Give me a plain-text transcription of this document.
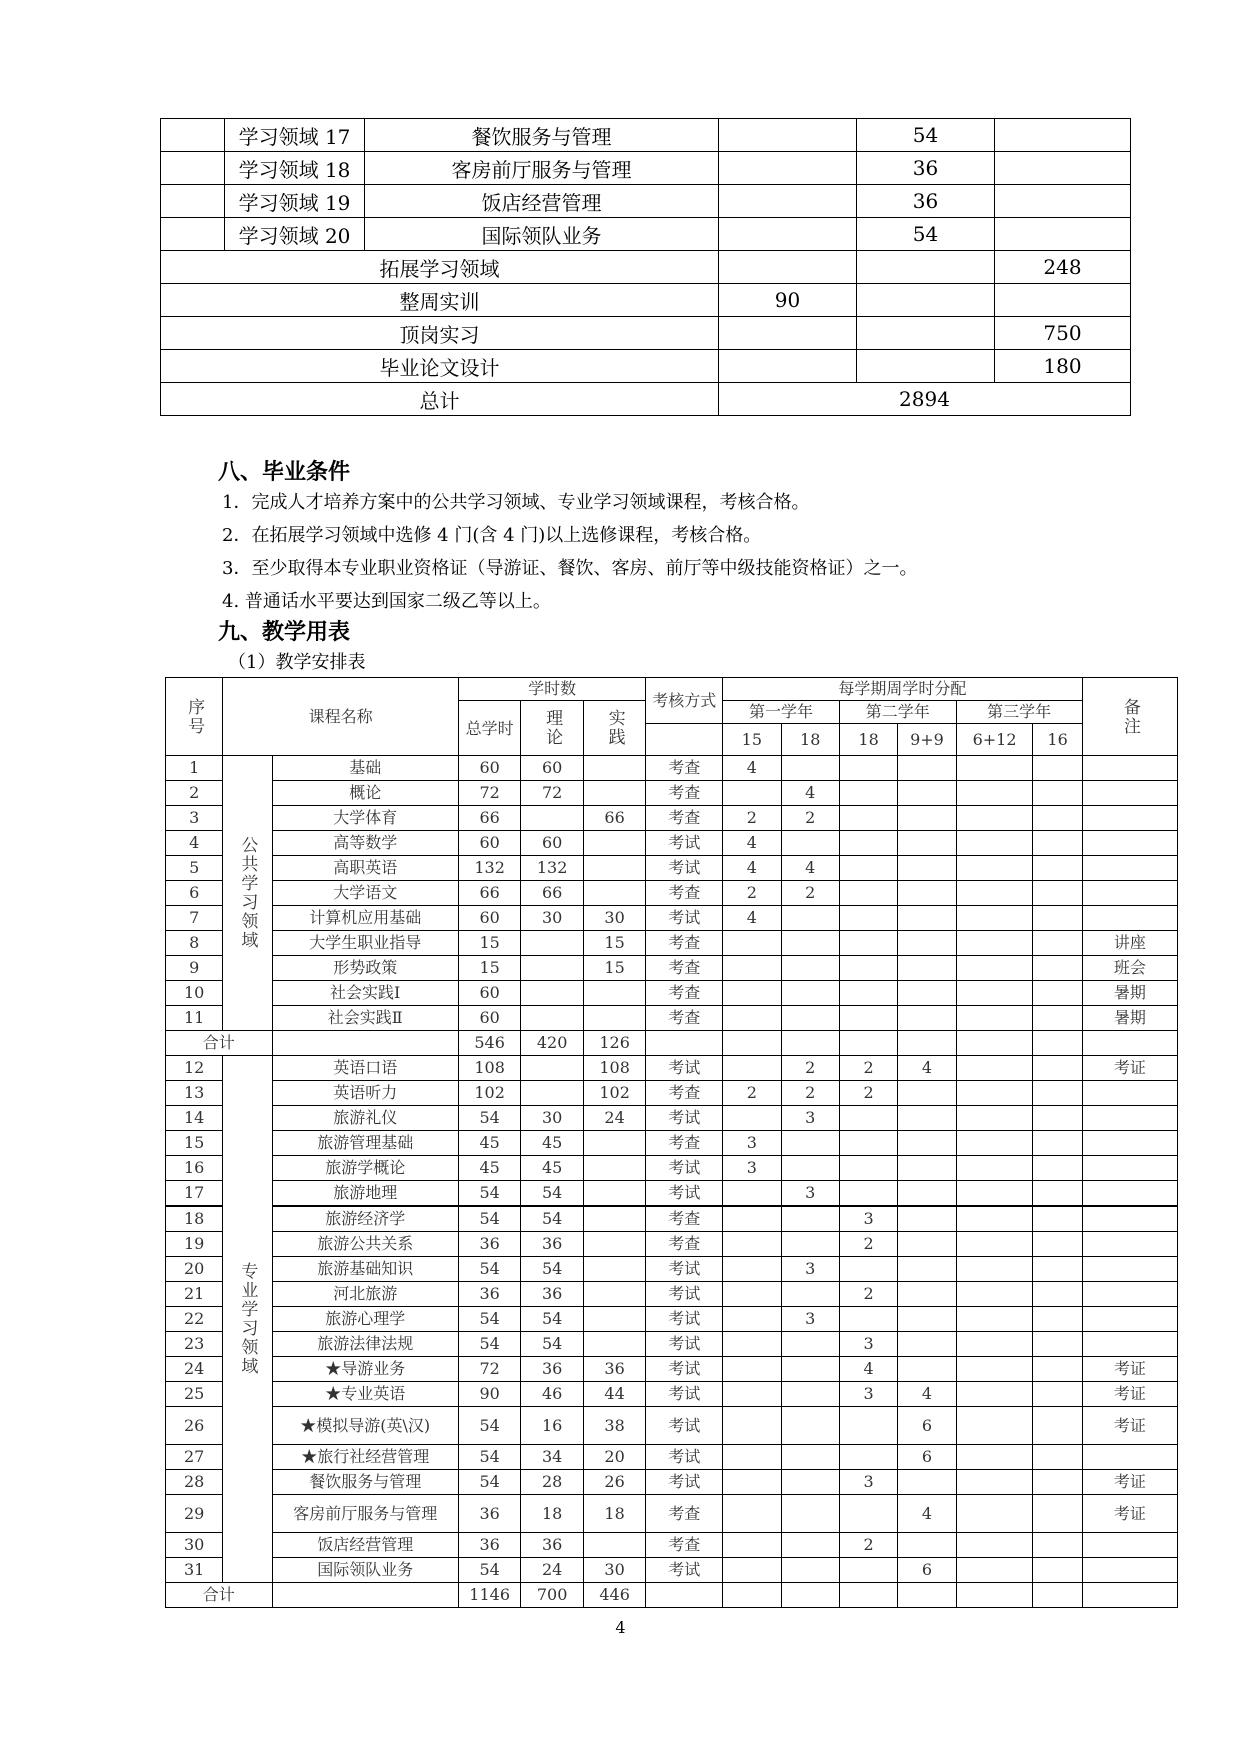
	学习领域 17	餐饮服务与管理		54	
	学习领域 18	客房前厅服务与管理		36	
	学习领域 19	饭店经营管理		36	
	学习领域 20	国际领队业务		54	
拓展学习领域					248
整周实训			90		
顶岗实习					750
毕业论文设计					180
总计			2894		
八、毕业条件
1．完成人才培养方案中的公共学习领域、专业学习领域课程，考核合格。
2．在拓展学习领域中选修 4 门(含 4 门)以上选修课程，考核合格。
3．至少取得本专业职业资格证（导游证、餐饮、客房、前厅等中级技能资格证）之一。
4. 普通话水平要达到国家二级乙等以上。
九、教学用表
（1）教学安排表
序号	课程名称		学时数			考核方式	每学期周学时分配						备注
			总学时	理论	实践		第一学年		第二学年		第三学年		
							15	18	18	9+9	6+12	16	
1	公共学习领域	基础	60	60		考查	4						
2		概论	72	72		考查		4					
3		大学体育	66		66	考查	2	2					
4		高等数学	60	60		考试	4						
5		高职英语	132	132		考试	4	4					
6		大学语文	66	66		考查	2	2					
7		计算机应用基础	60	30	30	考试	4						
8		大学生职业指导	15		15	考查							讲座
9		形势政策	15		15	考查							班会
10		社会实践Ⅰ	60			考查							暑期
11		社会实践Ⅱ	60			考查							暑期
合计			546	420	126								
12	专业学习领域	英语口语	108		108	考试		2	2	4			考证
13		英语听力	102		102	考查	2	2	2				
14		旅游礼仪	54	30	24	考试		3					
15		旅游管理基础	45	45		考查	3						
16		旅游学概论	45	45		考试	3						
17		旅游地理	54	54		考试		3					
18		旅游经济学	54	54		考查			3				
19		旅游公共关系	36	36		考查			2				
20		旅游基础知识	54	54		考试		3					
21		河北旅游	36	36		考试			2				
22		旅游心理学	54	54		考试		3					
23		旅游法律法规	54	54		考试			3				
24		★导游业务	72	36	36	考试			4				考证
25		★专业英语	90	46	44	考试			3	4			考证
26		★模拟导游(英\汉)	54	16	38	考试				6			考证
27		★旅行社经营管理	54	34	20	考试				6			
28		餐饮服务与管理	54	28	26	考试			3				考证
29		客房前厅服务与管理	36	18	18	考查				4			考证
30		饭店经营管理	36	36		考查			2				
31		国际领队业务	54	24	30	考试				6			
合计			1146	700	446								
4
